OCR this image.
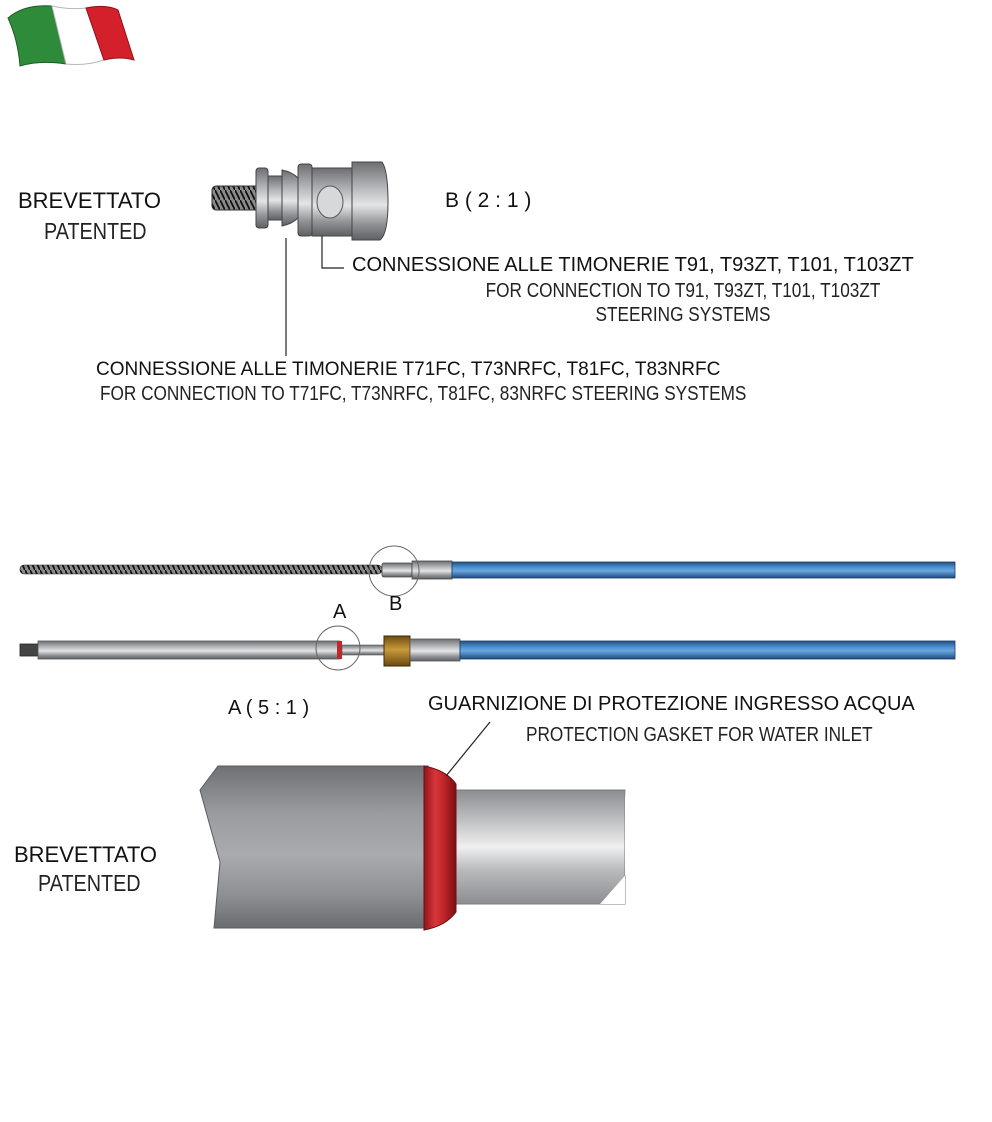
BREVETTATO
PATENTED
B ( 2 : 1 )
CONNESSIONE ALLE TIMONERIE T91, T93ZT, T101, T103ZT
FOR CONNECTION TO T91, T93ZT, T101, T103ZT
STEERING SYSTEMS
CONNESSIONE ALLE TIMONERIE T71FC, T73NRFC, T81FC, T83NRFC
FOR CONNECTION TO T71FC, T73NRFC, T81FC, 83NRFC STEERING SYSTEMS
B
A
A ( 5 : 1 )	GUARNIZIONE DI PROTEZIONE INGRESSO ACQUA
PROTECTION GASKET FOR WATER INLET
BREVETTATO
PATENTED
